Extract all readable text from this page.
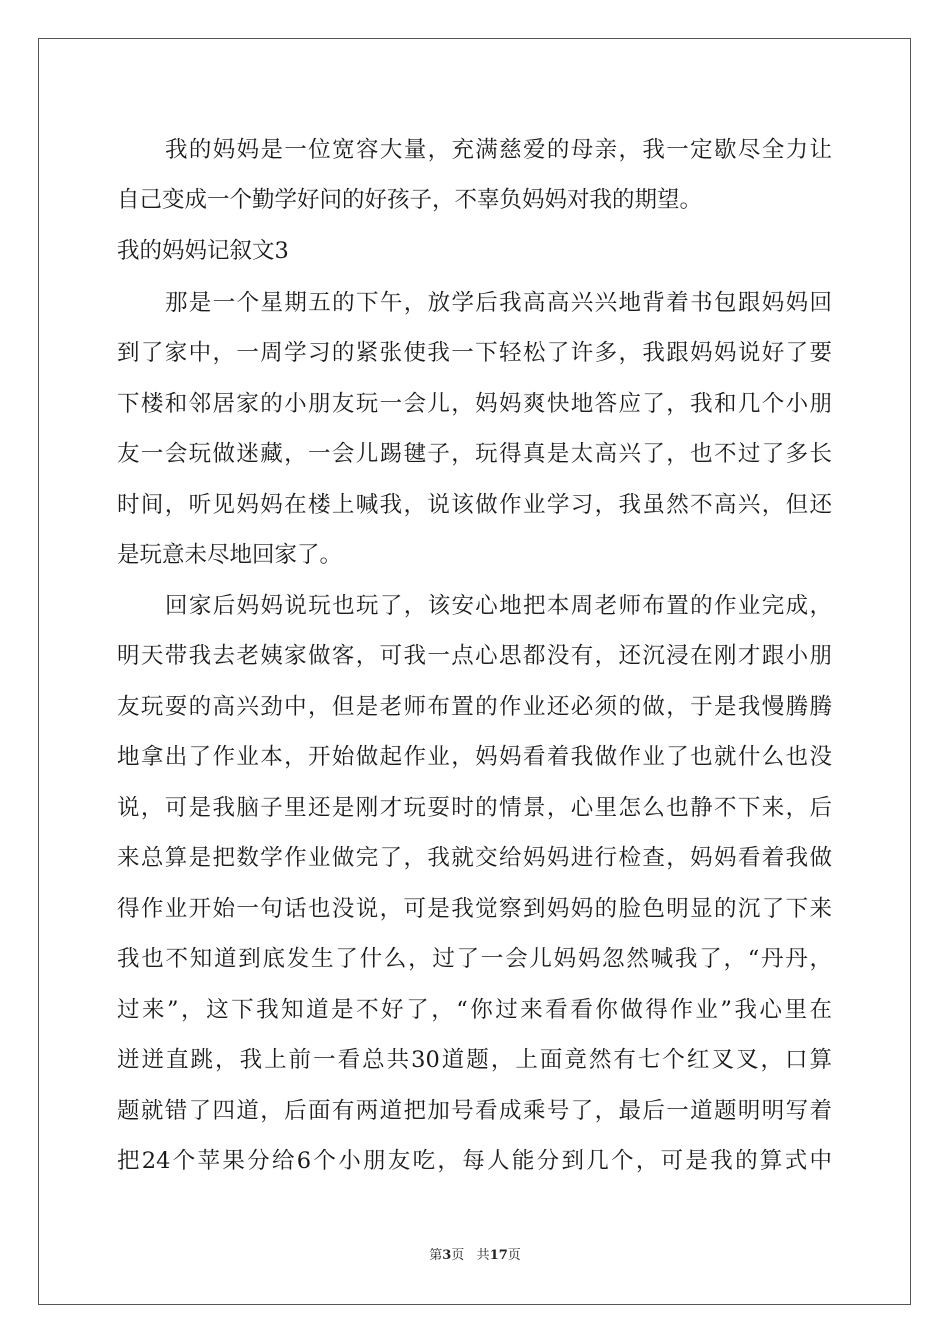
我的妈妈是一位宽容大量，充满慈爱的母亲，我一定歇尽全力让
自己变成一个勤学好问的好孩子，不辜负妈妈对我的期望。
我的妈妈记叙文3
那是一个星期五的下午，放学后我高高兴兴地背着书包跟妈妈回
到了家中，一周学习的紧张使我一下轻松了许多，我跟妈妈说好了要
下楼和邻居家的小朋友玩一会儿，妈妈爽快地答应了，我和几个小朋
友一会玩做迷藏，一会儿踢毽子，玩得真是太高兴了，也不过了多长
时间，听见妈妈在楼上喊我，说该做作业学习，我虽然不高兴，但还
是玩意未尽地回家了。
回家后妈妈说玩也玩了，该安心地把本周老师布置的作业完成，
明天带我去老姨家做客，可我一点心思都没有，还沉浸在刚才跟小朋
友玩耍的高兴劲中，但是老师布置的作业还必须的做，于是我慢腾腾
地拿出了作业本，开始做起作业，妈妈看着我做作业了也就什么也没
说，可是我脑子里还是刚才玩耍时的情景，心里怎么也静不下来，后
来总算是把数学作业做完了，我就交给妈妈进行检查，妈妈看着我做
得作业开始一句话也没说，可是我觉察到妈妈的脸色明显的沉了下来
我也不知道到底发生了什么，过了一会儿妈妈忽然喊我了，“丹丹，
过来”，这下我知道是不好了，“你过来看看你做得作业”我心里在
迸迸直跳，我上前一看总共30道题，上面竟然有七个红叉叉，口算
题就错了四道，后面有两道把加号看成乘号了，最后一道题明明写着
把24个苹果分给6个小朋友吃，每人能分到几个，可是我的算式中
第3页 共17页
